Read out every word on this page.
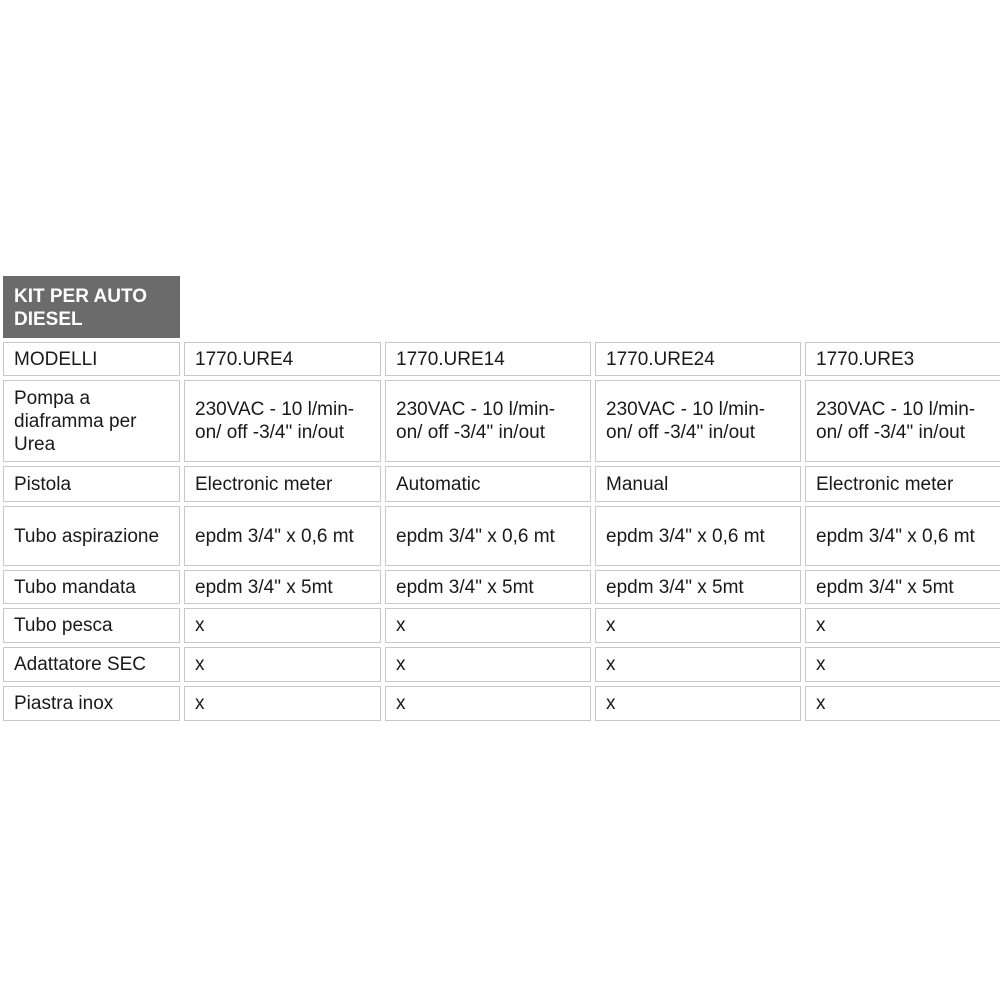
KIT PER AUTO DIESEL				
MODELLI	1770.URE4	1770.URE14	1770.URE24	1770.URE3
Pompa a diaframma per Urea	230VAC - 10 l/min- on/ off -3/4" in/out	230VAC - 10 l/min- on/ off -3/4" in/out	230VAC - 10 l/min- on/ off -3/4" in/out	230VAC - 10 l/min- on/ off -3/4" in/out
Pistola	Electronic meter	Automatic	Manual	Electronic meter
Tubo aspirazione	epdm 3/4" x 0,6 mt	epdm 3/4" x 0,6 mt	epdm 3/4" x 0,6 mt	epdm 3/4" x 0,6 mt
Tubo mandata	epdm 3/4" x 5mt	epdm 3/4" x 5mt	epdm 3/4" x 5mt	epdm 3/4" x 5mt
Tubo pesca	x	x	x	x
Adattatore SEC	x	x	x	x
Piastra inox	x	x	x	x
